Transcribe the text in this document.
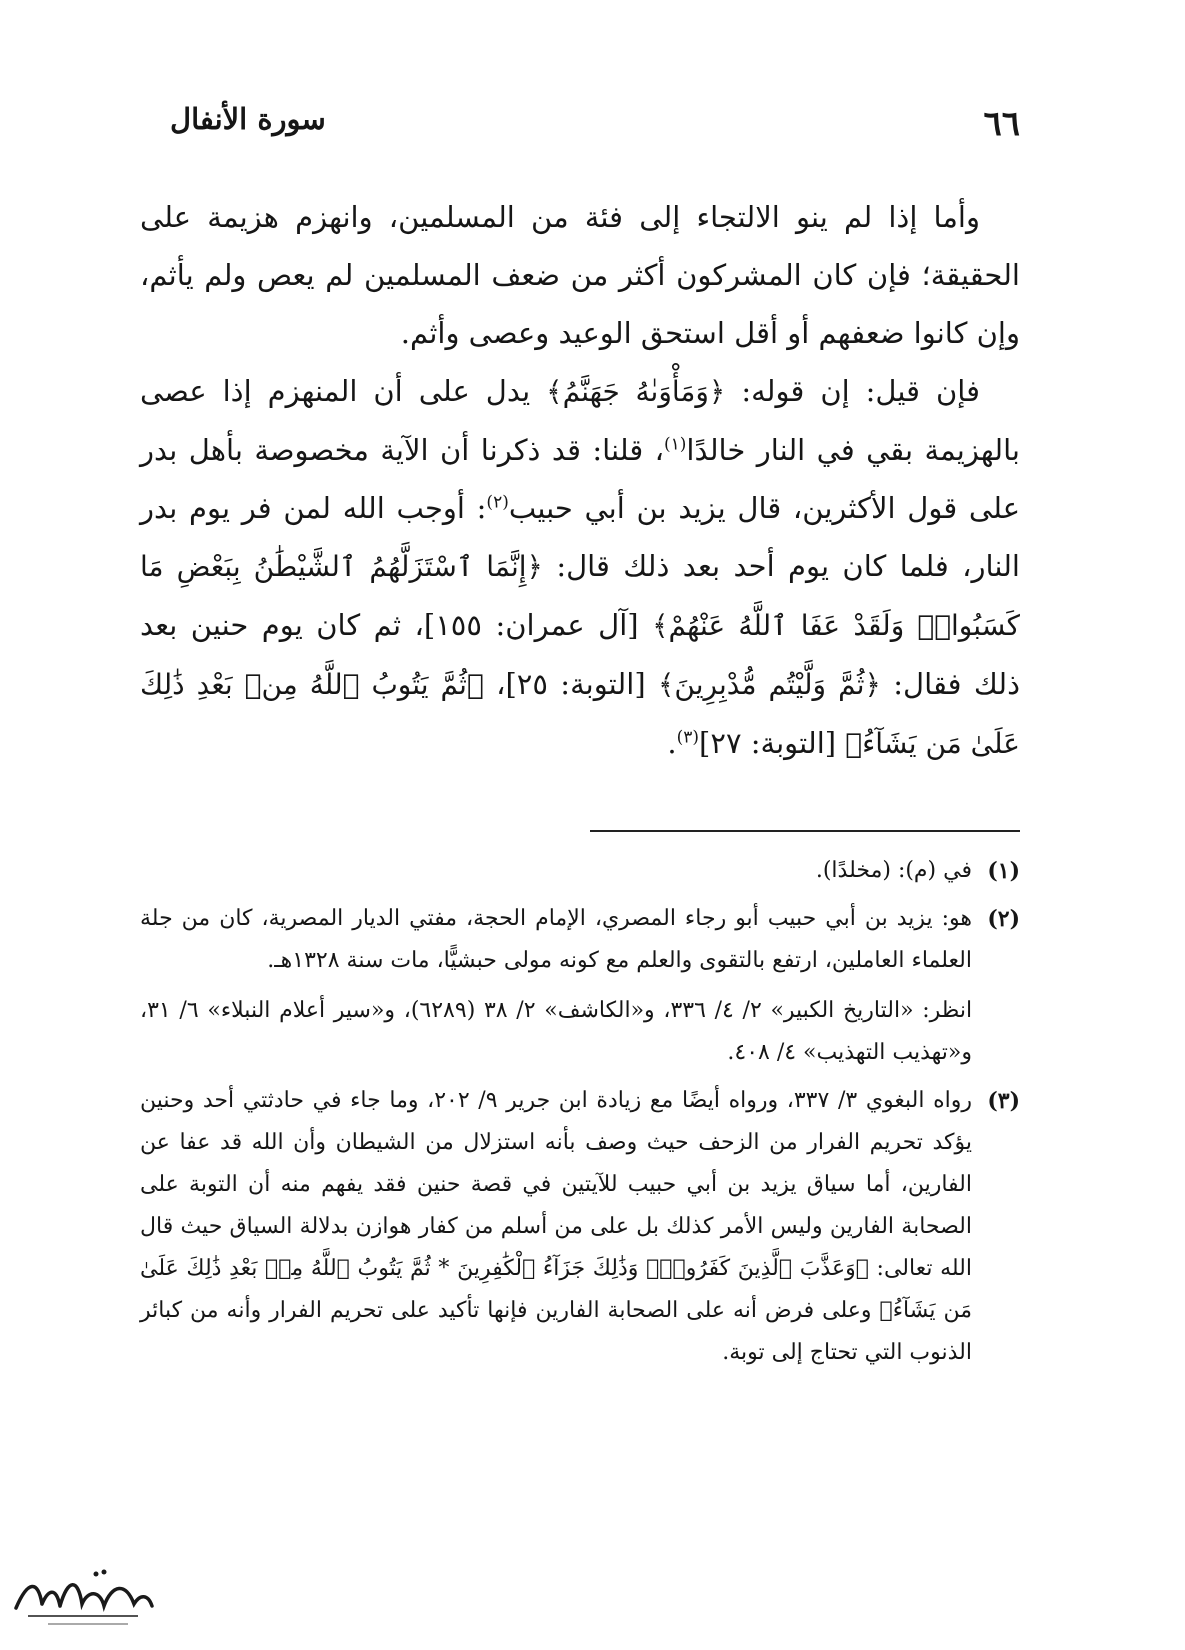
٦٦
سورة الأنفال

وأما إذا لم ينو الالتجاء إلى فئة من المسلمين، وانهزم هزيمة على الحقيقة؛ فإن كان المشركون أكثر من ضعف المسلمين لم يعص ولم يأثم، وإن كانوا ضعفهم أو أقل استحق الوعيد وعصى وأثم.

فإن قيل: إن قوله: ﴿وَمَأْوَىٰهُ جَهَنَّمُ﴾ يدل على أن المنهزم إذا عصى بالهزيمة بقي في النار خالدًا$^{(١)}$، قلنا: قد ذكرنا أن الآية مخصوصة بأهل بدر على قول الأكثرين، قال يزيد بن أبي حبيب$^{(٢)}$: أوجب الله لمن فر يوم بدر النار، فلما كان يوم أحد بعد ذلك قال: ﴿إِنَّمَا ٱسْتَزَلَّهُمُ ٱلشَّيْطَٰنُ بِبَعْضِ مَا كَسَبُوا۟ۖ وَلَقَدْ عَفَا ٱللَّهُ عَنْهُمْ﴾ [آل عمران: ١٥٥]، ثم كان يوم حنين بعد ذلك فقال: ﴿ثُمَّ وَلَّيْتُم مُّدْبِرِينَ﴾ [التوبة: ٢٥]، ﴿ثُمَّ يَتُوبُ ٱللَّهُ مِنۢ بَعْدِ ذَٰلِكَ عَلَىٰ مَن يَشَآءُ﴾ [التوبة: ٢٧]$^{(٣)}$.

(١)

في (م): (مخلدًا).

(٢)

هو: يزيد بن أبي حبيب أبو رجاء المصري، الإمام الحجة، مفتي الديار المصرية، كان من جلة العلماء العاملين، ارتفع بالتقوى والعلم مع كونه مولى حبشيًّا، مات سنة ١٣٢٨هـ.

انظر: «التاريخ الكبير» ٢/ ٤/ ٣٣٦، و«الكاشف» ٢/ ٣٨ (٦٢٨٩)، و«سير أعلام النبلاء» ٦/ ٣١، و«تهذيب التهذيب» ٤/ ٤٠٨.

(٣)

رواه البغوي ٣/ ٣٣٧، ورواه أيضًا مع زيادة ابن جرير ٩/ ٢٠٢، وما جاء في حادثتي أحد وحنين يؤكد تحريم الفرار من الزحف حيث وصف بأنه استزلال من الشيطان وأن الله قد عفا عن الفارين، أما سياق يزيد بن أبي حبيب للآيتين في قصة حنين فقد يفهم منه أن التوبة على الصحابة الفارين وليس الأمر كذلك بل على من أسلم من كفار هوازن بدلالة السياق حيث قال الله تعالى: ﴿وَعَذَّبَ ٱلَّذِينَ كَفَرُوا۟ۚ وَذَٰلِكَ جَزَآءُ ٱلْكَٰفِرِينَ * ثُمَّ يَتُوبُ ٱللَّهُ مِنۢ بَعْدِ ذَٰلِكَ عَلَىٰ مَن يَشَآءُ﴾ وعلى فرض أنه على الصحابة الفارين فإنها تأكيد على تحريم الفرار وأنه من كبائر الذنوب التي تحتاج إلى توبة.
